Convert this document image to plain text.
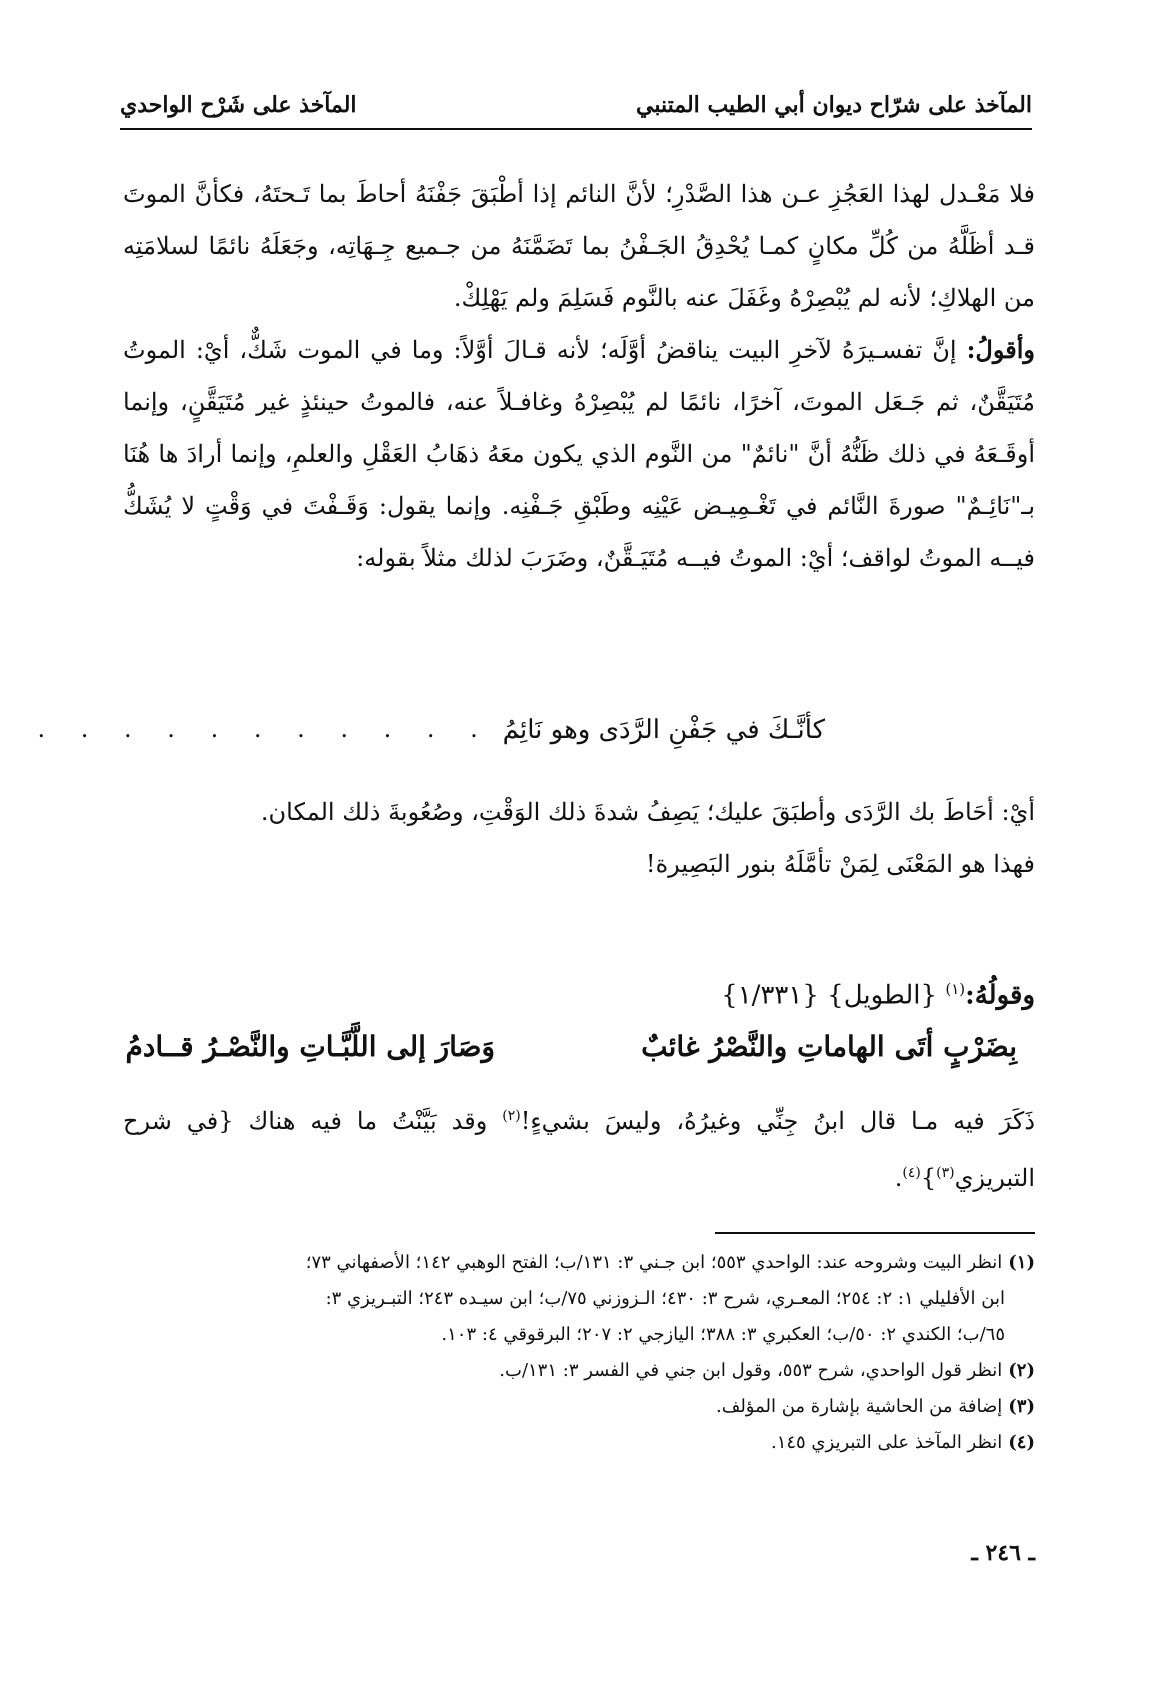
المآخذ على شرّاح ديوان أبي الطيب المتنبي
المآخذ على شَرْح الواحدي

فلا مَعْـدل لهذا العَجُزِ عـن هذا الصَّدْرِ؛ لأنَّ النائم إذا أطْبَقَ جَفْنَهُ أحاطَ بما تَـحتَهُ، فكأنَّ الموتَ قـد أظَلَّهُ من كُلِّ مكانٍ كمـا يُحْدِقُ الجَـفْنُ بما تَضَمَّنَهُ من جـميع جِـهَاتِه، وجَعَلَهُ نائمًا لسلامَتِه من الهلاكِ؛ لأنه لم يُبْصِرْهُ وغَفَلَ عنه بالنَّوم فَسَلِمَ ولم يَهْلِكْ.

وأقولُ: إنَّ تفسـيرَهُ لآخرِ البيت يناقضُ أوَّلَه؛ لأنه قـالَ أوَّلاً: وما في الموت شَكٌّ، أيْ: الموتُ مُتَيَقَّنٌ، ثم جَـعَل الموتَ، آخرًا، نائمًا لم يُبْصِرْهُ وغافـلاً عنه، فالموتُ حينئذٍ غير مُتَيَقَّنٍ، وإنما أوقَـعَهُ في ذلك ظَنُّهُ أنَّ "نائمٌ" من النَّوم الذي يكون معَهُ ذهَابُ العَقْلِ والعلمِ، وإنما أرادَ ها هُنَا بـ"نَائِـمٌ" صورةَ النَّائم في تَغْـمِيـض عَيْنِه وطَبْقِ جَـفْنِه. وإنما يقول: وَقَـفْتَ في وَقْتٍ لا يُشَكُّ فيــه الموتُ لواقف؛ أيْ: الموتُ فيــه مُتَيَـقَّنٌ، وضَرَبَ لذلك مثلاً بقوله:

. . . . . . . . . . . .
كأنَّـكَ في جَفْنِ الرَّدَى وهو نَائِمُ

أيْ: أحَاطَ بك الرَّدَى وأطبَقَ عليك؛ يَصِفُ شدةَ ذلك الوَقْتِ، وصُعُوبةَ ذلك المكان.

فهذا هو المَعْنَى لِمَنْ تأمَّلَهُ بنور البَصِيرة!

وقولُهُ:$^{(١)}$ {الطويل} {١/٣٣١}
بِضَرْبٍ أتَى الهاماتِ والنَّصْرُ غائبٌ
وَصَارَ إلى اللَّبَّـاتِ والنَّصْـرُ قــادمُ
ذَكَرَ فيه مـا قال ابنُ جِنِّي وغيرُهُ، وليسَ بشيءٍ!$^{(٢)}$ وقد بَيَّنْتُ ما فيه هناك {في شرح التبريزي$^{(٣)}$}$^{(٤)}$.

(١)انظر البيت وشروحه عند: الواحدي ٥٥٣؛ ابن جـني ٣: ١٣١/ب؛ الفتح الوهبي ١٤٢؛ الأصفهاني ٧٣؛

ابن الأفليلي ١: ٢: ٢٥٤؛ المعـري، شرح ٣: ٤٣٠؛ الـزوزني ٧٥/ب؛ ابن سيـده ٢٤٣؛ التبـريزي ٣:

٦٥/ب؛ الكندي ٢: ٥٠/ب؛ العكبري ٣: ٣٨٨؛ اليازجي ٢: ٢٠٧؛ البرقوقي ٤: ١٠٣.

(٢)انظر قول الواحدي، شرح ٥٥٣، وقول ابن جني في الفسر ٣: ١٣١/ب.

(٣)إضافة من الحاشية بإشارة من المؤلف.

(٤)انظر المآخذ على التبريزي ١٤٥.

ـ ٢٤٦ ـ
